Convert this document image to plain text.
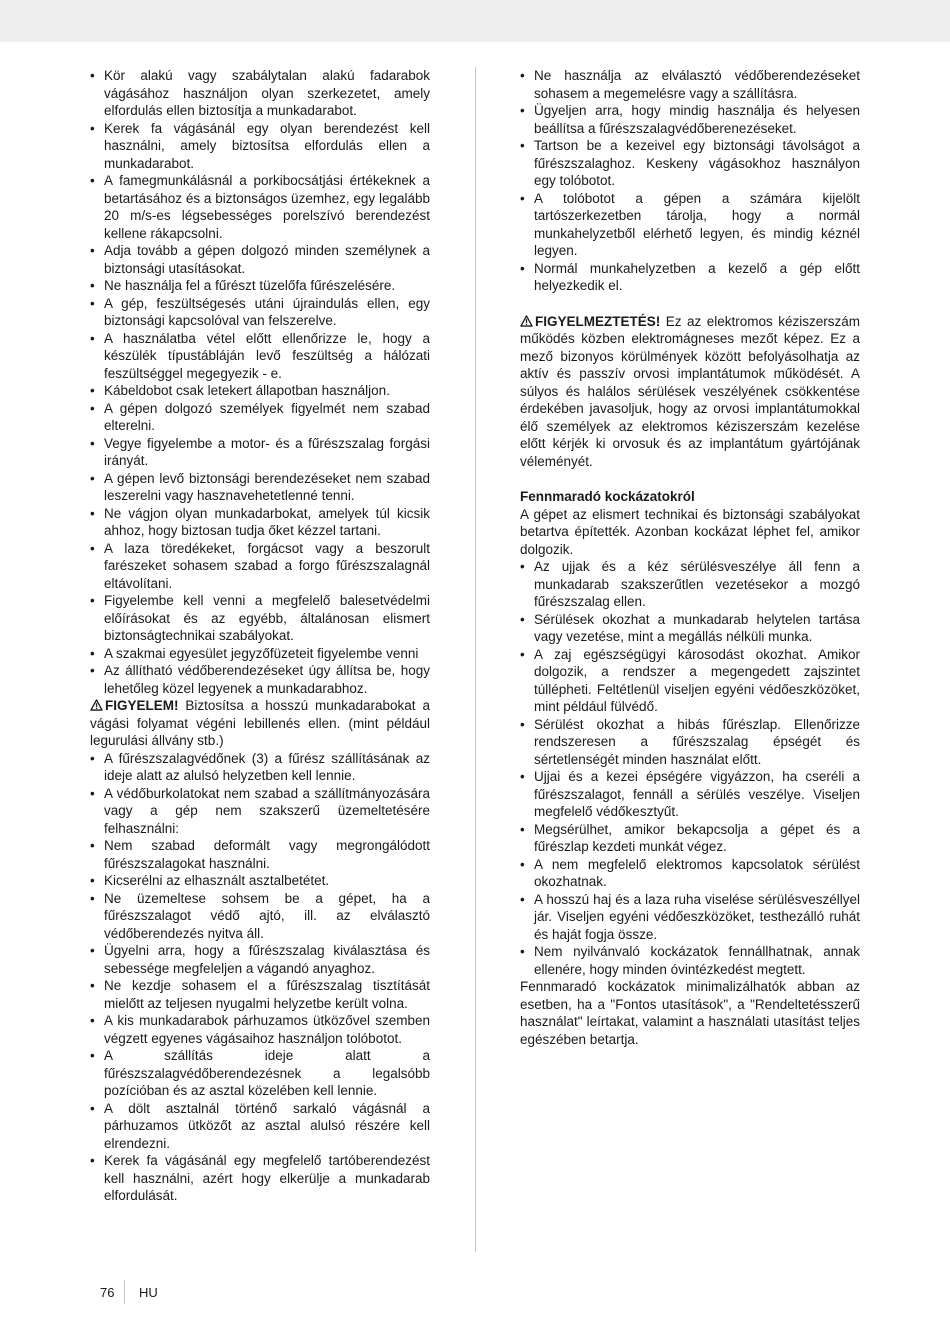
• Kör alakú vagy szabálytalan alakú fadarabok vágásához használjon olyan szerkezetet, amely elfordulás ellen biztosítja a munkadarabot.
• Kerek fa vágásánál egy olyan berendezést kell használni, amely biztosítsa elfordulás ellen a munkadarabot.
• A famegmunkálásnál a porkibocsátjási értékeknek a betartásához és a biztonságos üzemhez, egy legalább 20 m/s-es légsebességes porelszívó berendezést kellene rákapcsolni.
• Adja tovább a gépen dolgozó minden személynek a biztonsági utasításokat.
• Ne használja fel a fűrészt tüzelőfa fűrészelésére.
• A gép, feszültségesés utáni újraindulás ellen, egy biztonsági kapcsolóval van felszerelve.
• A használatba vétel előtt ellenőrizze le, hogy a készülék típustábláján levő feszültség a hálózati feszültséggel megegyezik - e.
• Kábeldobot csak letekert állapotban használjon.
• A gépen dolgozó személyek figyelmét nem szabad elterelni.
• Vegye figyelembe a motor- és a fűrészszalag forgási irányát.
• A gépen levő biztonsági berendezéseket nem szabad leszerelni vagy hasznavehetetlenné tenni.
• Ne vágjon olyan munkadarbokat, amelyek túl kicsik ahhoz, hogy biztosan tudja őket kézzel tartani.
• A laza töredékeket, forgácsot vagy a beszorult farészeket sohasem szabad a forgo fűrészszalagnál eltávolítani.
• Figyelembe kell venni a megfelelő balesetvédelmi előírásokat és az egyébb, általánosan elismert biztonságtechnikai szabályokat.
• A szakmai egyesület jegyzőfüzeteit figyelembe venni
• Az állítható védőberendezéseket úgy állítsa be, hogy lehetőleg közel legyenek a munkadarabhoz.

FIGYELEM! Biztosítsa a hosszú munkadarabokat a vágási folyamat végéni lebillenés ellen. (mint például legurulási állvány stb.)

• A fűrészszalagvédőnek (3) a fűrész szállításának az ideje alatt az alulsó helyzetben kell lennie.
• A védőburkolatokat nem szabad a szállítmányozására vagy a gép nem szakszerű üzemeltetésére felhasználni:
• Nem szabad deformált vagy megrongálódott fűrészszalagokat használni.
• Kicserélni az elhasznált asztalbetétet.
• Ne üzemeltese sohsem be a gépet, ha a fűrészszalagot védő ajtó, ill. az elválasztó védőberendezés nyitva áll.
• Ügyelni arra, hogy a fűrészszalag kiválasztása és sebessége megfeleljen a vágandó anyaghoz.
• Ne kezdje sohasem el a fűrészszalag tisztítását mielőtt az teljesen nyugalmi helyzetbe került volna.
• A kis munkadarabok párhuzamos ütközővel szemben végzett egyenes vágásaihoz használjon tolóbotot.
• A szállítás ideje alatt a fűrészszalagvédőberendezésnek a legalsóbb pozícióban és az asztal közelében kell lennie.
• A dölt asztalnál történő sarkaló vágásnál a párhuzamos ütközőt az asztal alulsó részére kell elrendezni.
• Kerek fa vágásánál egy megfelelő tartóberendezést kell használni, azért hogy elkerülje a munkadarab elfordulását.
• Ne használja az elválasztó védőberendezéseket sohasem a megemelésre vagy a szállításra.
• Ügyeljen arra, hogy mindig használja és helyesen beállítsa a fűrészszalagvédőberenezéseket.
• Tartson be a kezeivel egy biztonsági távolságot a fűrészszalaghoz. Keskeny vágásokhoz használyon egy tolóbotot.
• A tolóbotot a gépen a számára kijelölt tartószerkezetben tárolja, hogy a normál munkahelyzetből elérhető legyen, és mindig kéznél legyen.
• Normál munkahelyzetben a kezelő a gép előtt helyezkedik el.

FIGYELMEZTETÉS! Ez az elektromos kéziszerszám működés közben elektromágneses mezőt képez. Ez a mező bizonyos körülmények között befolyásolhatja az aktív és passzív orvosi implantátumok működését. A súlyos és halálos sérülések veszélyének csökkentése érdekében javasoljuk, hogy az orvosi implantátumokkal élő személyek az elektromos kéziszerszám kezelése előtt kérjék ki orvosuk és az implantátum gyártójának véleményét.

Fennmaradó kockázatokról

A gépet az elismert technikai és biztonsági szabályokat betartva építették. Azonban kockázat léphet fel, amikor dolgozik.

• Az ujjak és a kéz sérülésveszélye áll fenn a munkadarab szakszerűtlen vezetésekor a mozgó fűrészszalag ellen.
• Sérülések okozhat a munkadarab helytelen tartása vagy vezetése, mint a megállás nélküli munka.
• A zaj egészségügyi károsodást okozhat. Amikor dolgozik, a rendszer a megengedett zajszintet túllépheti. Feltétlenül viseljen egyéni védőeszközöket, mint például fülvédő.
• Sérülést okozhat a hibás fűrészlap. Ellenőrizze rendszeresen a fűrészszalag épségét és sértetlenségét minden használat előtt.
• Ujjai és a kezei épségére vigyázzon, ha cseréli a fűrészszalagot, fennáll a sérülés veszélye. Viseljen megfelelő védőkesztyűt.
• Megsérülhet, amikor bekapcsolja a gépet és a fűrészlap kezdeti munkát végez.
• A nem megfelelő elektromos kapcsolatok sérülést okozhatnak.
• A hosszú haj és a laza ruha viselése sérülésveszéllyel jár. Viseljen egyéni védőeszközöket, testhezálló ruhát és haját fogja össze.
• Nem nyilvánvaló kockázatok fennállhatnak, annak ellenére, hogy minden óvintézkedést megtett.

Fennmaradó kockázatok minimalizálhatók abban az esetben, ha a "Fontos utasítások", a "Rendeltetésszerű használat" leírtakat, valamint a használati utasítást teljes egészében betartja.

76 HU
